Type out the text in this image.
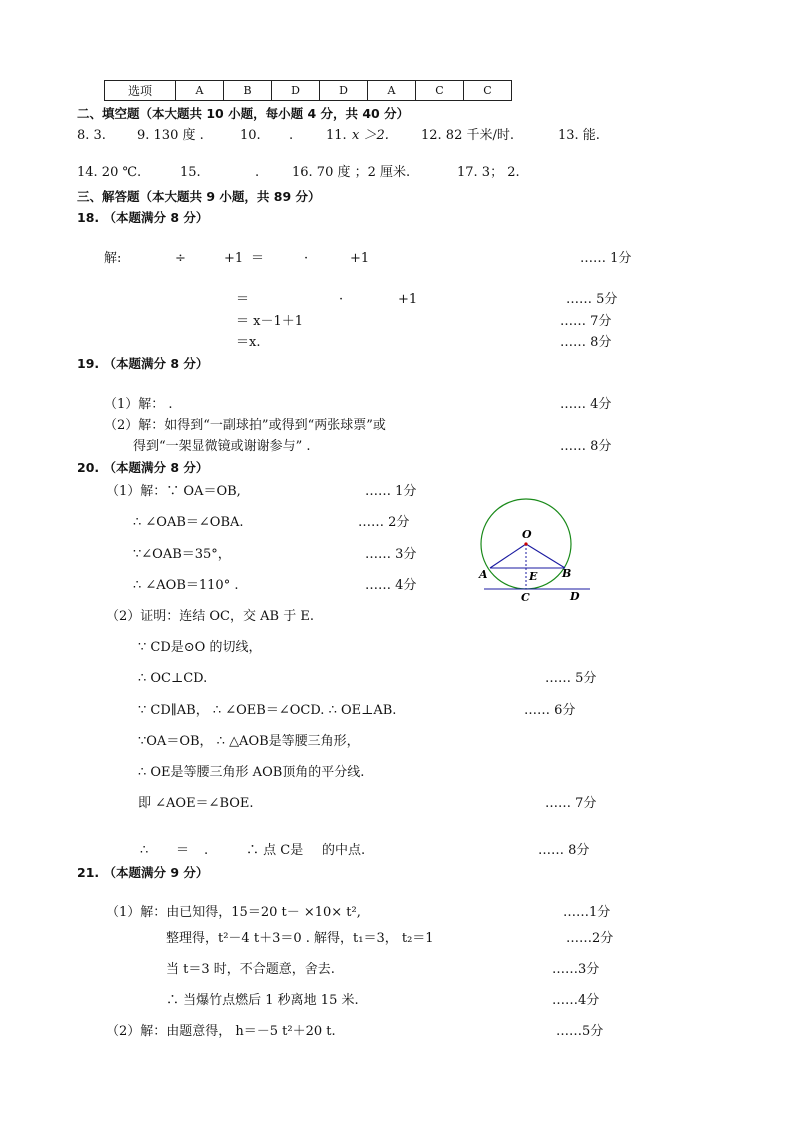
选项	A	B	D	D	A	C	C
二、填空题（本大题共 10 小题，每小题 4 分，共 40 分）
8. 3. 9. 130 度 .	10. .	11. x ＞2. 12. 82 千米/时.	13. 能.
14. 20 ℃.	15.	.	16. 70 度 ；2 厘米.	17. 3； 2.
三、解答题（本大题共 9 小题，共 89 分）
18. （本题满分 8 分）
解:	÷	+1 ＝	·	+1	…… 1分
＝	·	+1	…… 5分
＝ x－1＋1	…… 7分
＝x.	…… 8分
19. （本题满分 8 分）
（1）解： .	…… 4分
（2）解：如得到“一副球拍”或得到“两张球票”或
得到“一架显微镜或谢谢参与” .	…… 8分
20. （本题满分 8 分）
（1）解：∵ OA＝OB,	…… 1分
∴ ∠OAB＝∠OBA.	…… 2分
∵∠OAB＝35°，	…… 3分
∴ ∠AOB＝110° .	…… 4分
（2）证明：连结 OC，交 AB 于 E.
∵ CD是⊙O 的切线，
∴ OC⊥CD.	…… 5分
∵ CD∥AB， ∴ ∠OEB＝∠OCD. ∴ OE⊥AB.	…… 6分
∵OA＝OB， ∴ △AOB是等腰三角形，
∴ OE是等腰三角形 AOB顶角的平分线.
即 ∠AOE＝∠BOE.	…… 7分
∴ ＝ .	∴ 点 C是 的中点.	…… 8分
O
A	B
E
C	D
21. （本题满分 9 分）
（1）解：由已知得，15＝20 t－ ×10× t²,	……1分
整理得，t²－4 t＋3＝0 . 解得，t₁＝3， t₂＝1	……2分
当 t＝3 时，不合题意，舍去.	……3分
∴ 当爆竹点燃后 1 秒离地 15 米.	……4分
（2）解：由题意得， h＝－5 t²＋20 t.	……5分
